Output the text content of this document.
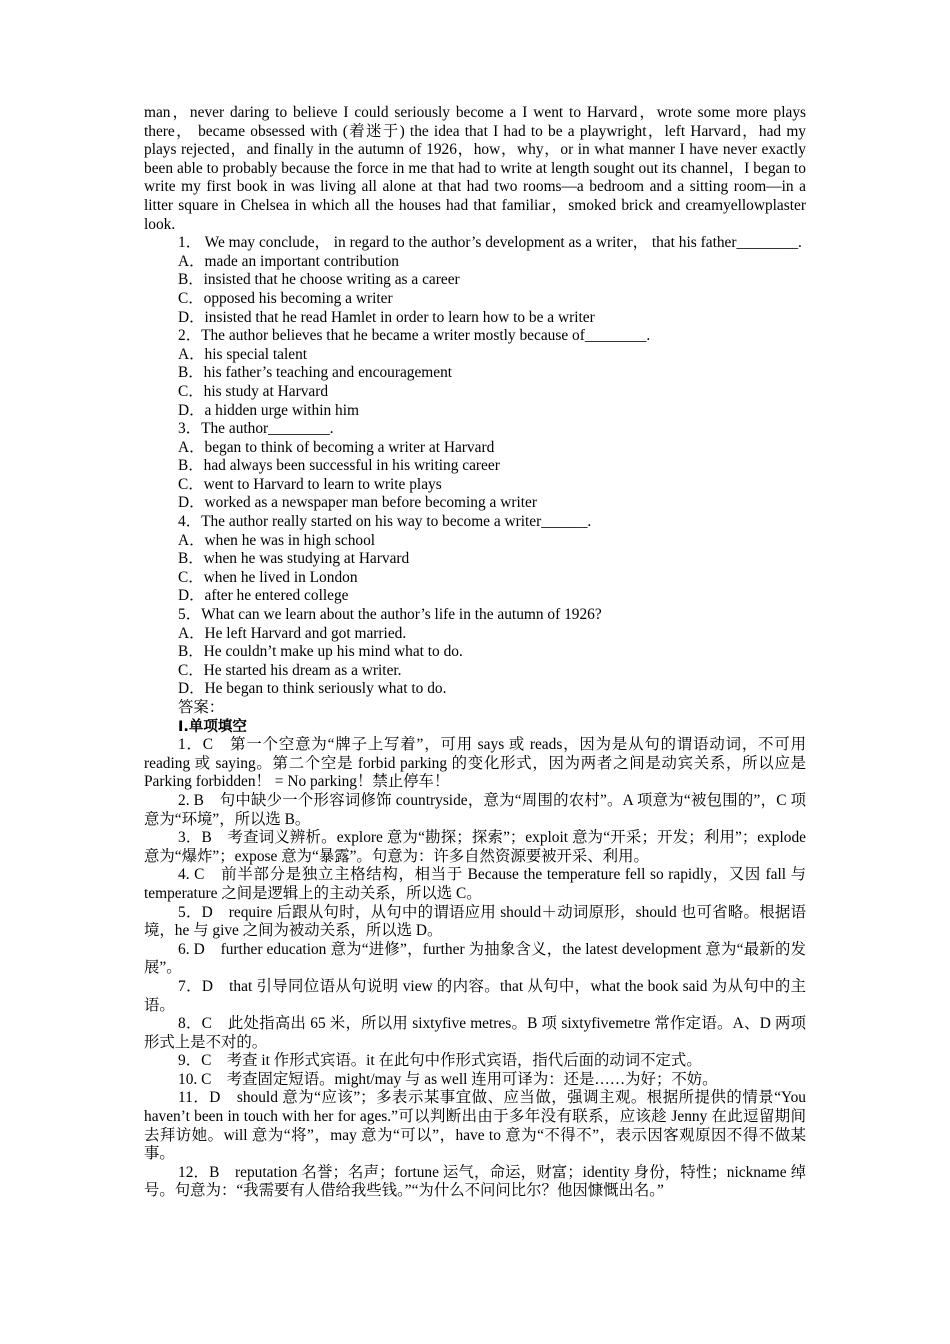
man，never daring to believe I could seriously become a I went to Harvard，wrote some more plays there， became obsessed with (着迷于) the idea that I had to be a playwright，left Harvard，had my plays rejected，and finally in the autumn of 1926，how，why，or in what manner I have never exactly been able to probably because the force in me that had to write at length sought out its channel，I began to write my first book in was living all alone at that had two rooms—a bedroom and a sitting room—in a litter square in Chelsea in which all the houses had that familiar，smoked brick and creamyellowplaster look.

1． We may conclude， in regard to the author’s development as a writer， that his father________.

A．made an important contribution

B．insisted that he choose writing as a career

C．opposed his becoming a writer

D．insisted that he read Hamlet in order to learn how to be a writer

2．The author believes that he became a writer mostly because of________.

A．his special talent

B．his father’s teaching and encouragement

C．his study at Harvard

D．a hidden urge within him

3．The author________.

A．began to think of becoming a writer at Harvard

B．had always been successful in his writing career

C．went to Harvard to learn to write plays

D．worked as a newspaper man before becoming a writer

4．The author really started on his way to become a writer______.

A．when he was in high school

B．when he was studying at Harvard

C．when he lived in London

D．after he entered college

5．What can we learn about the author’s life in the autumn of 1926?

A．He left Harvard and got married.

B．He couldn’t make up his mind what to do.

C．He started his dream as a writer.

D．He began to think seriously what to do.

答案：

Ⅰ.单项填空

1．C　第一个空意为“牌子上写着”，可用 says 或 reads，因为是从句的谓语动词，不可用 reading 或 saying。第二个空是 forbid parking 的变化形式，因为两者之间是动宾关系，所以应是 Parking forbidden！ = No parking！禁止停车！

2. B　句中缺少一个形容词修饰 countryside，意为“周围的农村”。A 项意为“被包围的”，C 项意为“环境”，所以选 B。

3．B　考查词义辨析。explore 意为“勘探；探索”；exploit 意为“开采；开发；利用”；explode 意为“爆炸”；expose 意为“暴露”。句意为：许多自然资源要被开采、利用。

4. C　前半部分是独立主格结构，相当于 Because the temperature fell so rapidly，又因 fall 与 temperature 之间是逻辑上的主动关系，所以选 C。

5．D　require 后跟从句时，从句中的谓语应用 should＋动词原形，should 也可省略。根据语境，he 与 give 之间为被动关系，所以选 D。

6. D　further education 意为“进修”，further 为抽象含义，the latest development 意为“最新的发展”。

7．D　that 引导同位语从句说明 view 的内容。that 从句中，what the book said 为从句中的主语。

8．C　此处指高出 65 米，所以用 sixtyfive metres。B 项 sixtyfivemetre 常作定语。A、D 两项形式上是不对的。

9．C　考查 it 作形式宾语。it 在此句中作形式宾语，指代后面的动词不定式。

10. C　考查固定短语。might/may 与 as well 连用可译为：还是……为好；不妨。

11．D　should 意为“应该”；多表示某事宜做、应当做，强调主观。根据所提供的情景“You haven’t been in touch with her for ages.”可以判断出由于多年没有联系，应该趁 Jenny 在此逗留期间去拜访她。will 意为“将”，may 意为“可以”，have to 意为“不得不”，表示因客观原因不得不做某事。

12．B　reputation 名誉；名声；fortune 运气，命运，财富；identity 身份，特性；nickname 绰号。句意为：“我需要有人借给我些钱。”“为什么不问问比尔？他因慷慨出名。”
